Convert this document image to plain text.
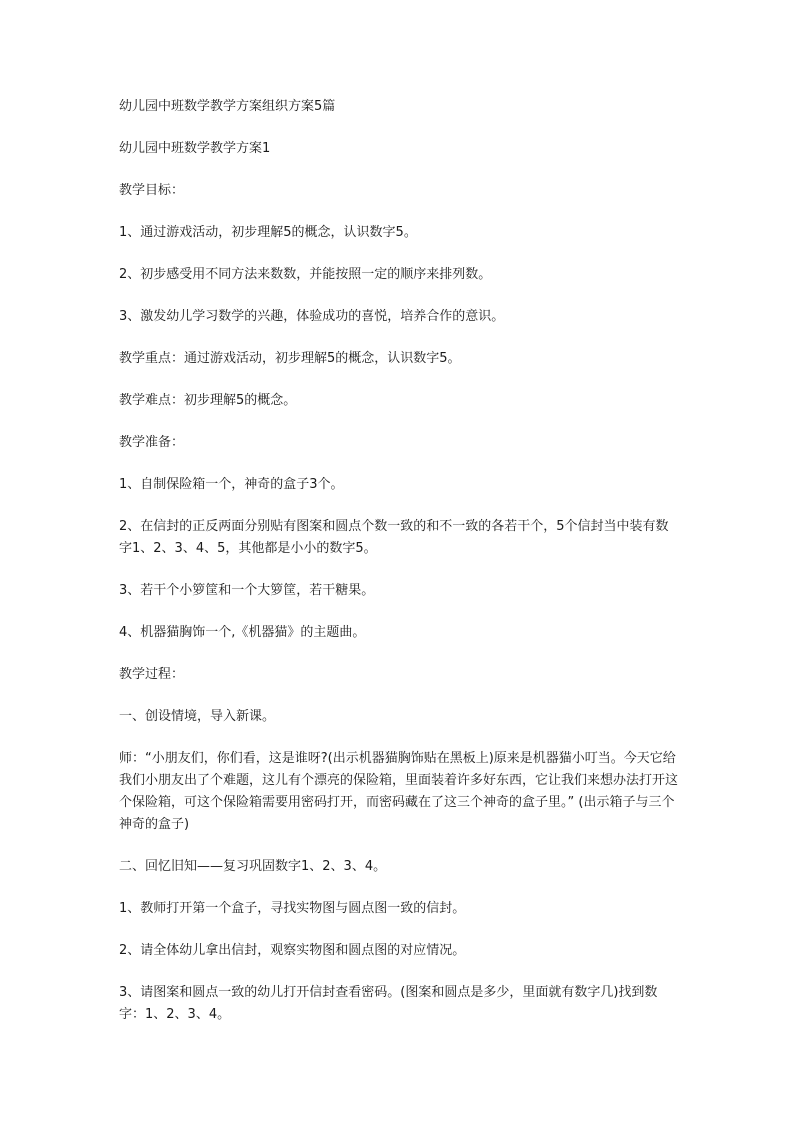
幼儿园中班数学教学方案组织方案5篇

幼儿园中班数学教学方案1

教学目标：

1、通过游戏活动，初步理解5的概念，认识数字5。

2、初步感受用不同方法来数数，并能按照一定的顺序来排列数。

3、激发幼儿学习数学的兴趣，体验成功的喜悦，培养合作的意识。

教学重点：通过游戏活动，初步理解5的概念，认识数字5。

教学难点：初步理解5的概念。

教学准备：

1、自制保险箱一个，神奇的盒子3个。

2、在信封的正反两面分别贴有图案和圆点个数一致的和不一致的各若干个，5个信封当中装有数字1、2、3、4、5，其他都是小小的数字5。

3、若干个小箩筐和一个大箩筐，若干糖果。

4、机器猫胸饰一个,《机器猫》的主题曲。

教学过程：

一、创设情境，导入新课。

师：“小朋友们，你们看，这是谁呀?(出示机器猫胸饰贴在黑板上)原来是机器猫小叮当。今天它给我们小朋友出了个难题，这儿有个漂亮的保险箱，里面装着许多好东西，它让我们来想办法打开这个保险箱，可这个保险箱需要用密码打开，而密码藏在了这三个神奇的盒子里。” (出示箱子与三个神奇的盒子)

二、回忆旧知——复习巩固数字1、2、3、4。

1、教师打开第一个盒子，寻找实物图与圆点图一致的信封。

2、请全体幼儿拿出信封，观察实物图和圆点图的对应情况。

3、请图案和圆点一致的幼儿打开信封查看密码。(图案和圆点是多少，里面就有数字几)找到数字：1、2、3、4。
